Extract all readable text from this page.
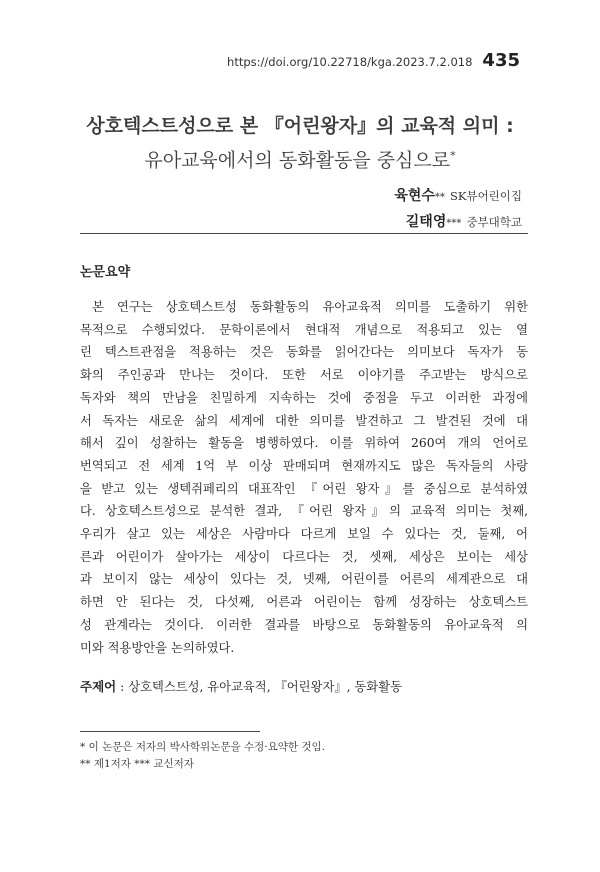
https://doi.org/10.22718/kga.2023.7.2.018 435

상호텍스트성으로 본 『어린왕자』의 교육적 의미 :

유아교육에서의 동화활동을 중심으로*

육현수** SK뷰어린이집
길태영*** 중부대학교
논문요약
본 연구는 상호텍스트성 동화활동의 유아교육적 의미를 도출하기 위한
목적으로 수행되었다. 문학이론에서 현대적 개념으로 적용되고 있는 열
린 텍스트관점을 적용하는 것은 동화를 읽어간다는 의미보다 독자가 동
화의 주인공과 만나는 것이다. 또한 서로 이야기를 주고받는 방식으로
독자와 책의 만남을 친밀하게 지속하는 것에 중점을 두고 이러한 과정에
서 독자는 새로운 삶의 세계에 대한 의미를 발견하고 그 발견된 것에 대
해서 깊이 성찰하는 활동을 병행하였다. 이를 위하여 260여 개의 언어로
번역되고 전 세계 1억 부 이상 판매되며 현재까지도 많은 독자들의 사랑
을 받고 있는 생텍쥐페리의 대표작인 『어린 왕자』를 중심으로 분석하였
다. 상호텍스트성으로 분석한 결과, 『어린 왕자』의 교육적 의미는 첫째,
우리가 살고 있는 세상은 사람마다 다르게 보일 수 있다는 것, 둘째, 어
른과 어린이가 살아가는 세상이 다르다는 것, 셋째, 세상은 보이는 세상
과 보이지 않는 세상이 있다는 것, 넷째, 어린이를 어른의 세계관으로 대
하면 안 된다는 것, 다섯째, 어른과 어린이는 함께 성장하는 상호텍스트
성 관계라는 것이다. 이러한 결과를 바탕으로 동화활동의 유아교육적 의
미와 적용방안을 논의하였다.
주제어 : 상호텍스트성, 유아교육적, 『어린왕자』, 동화활동
* 이 논문은 저자의 박사학위논문을 수정·요약한 것임.
** 제1저자 *** 교신저자
